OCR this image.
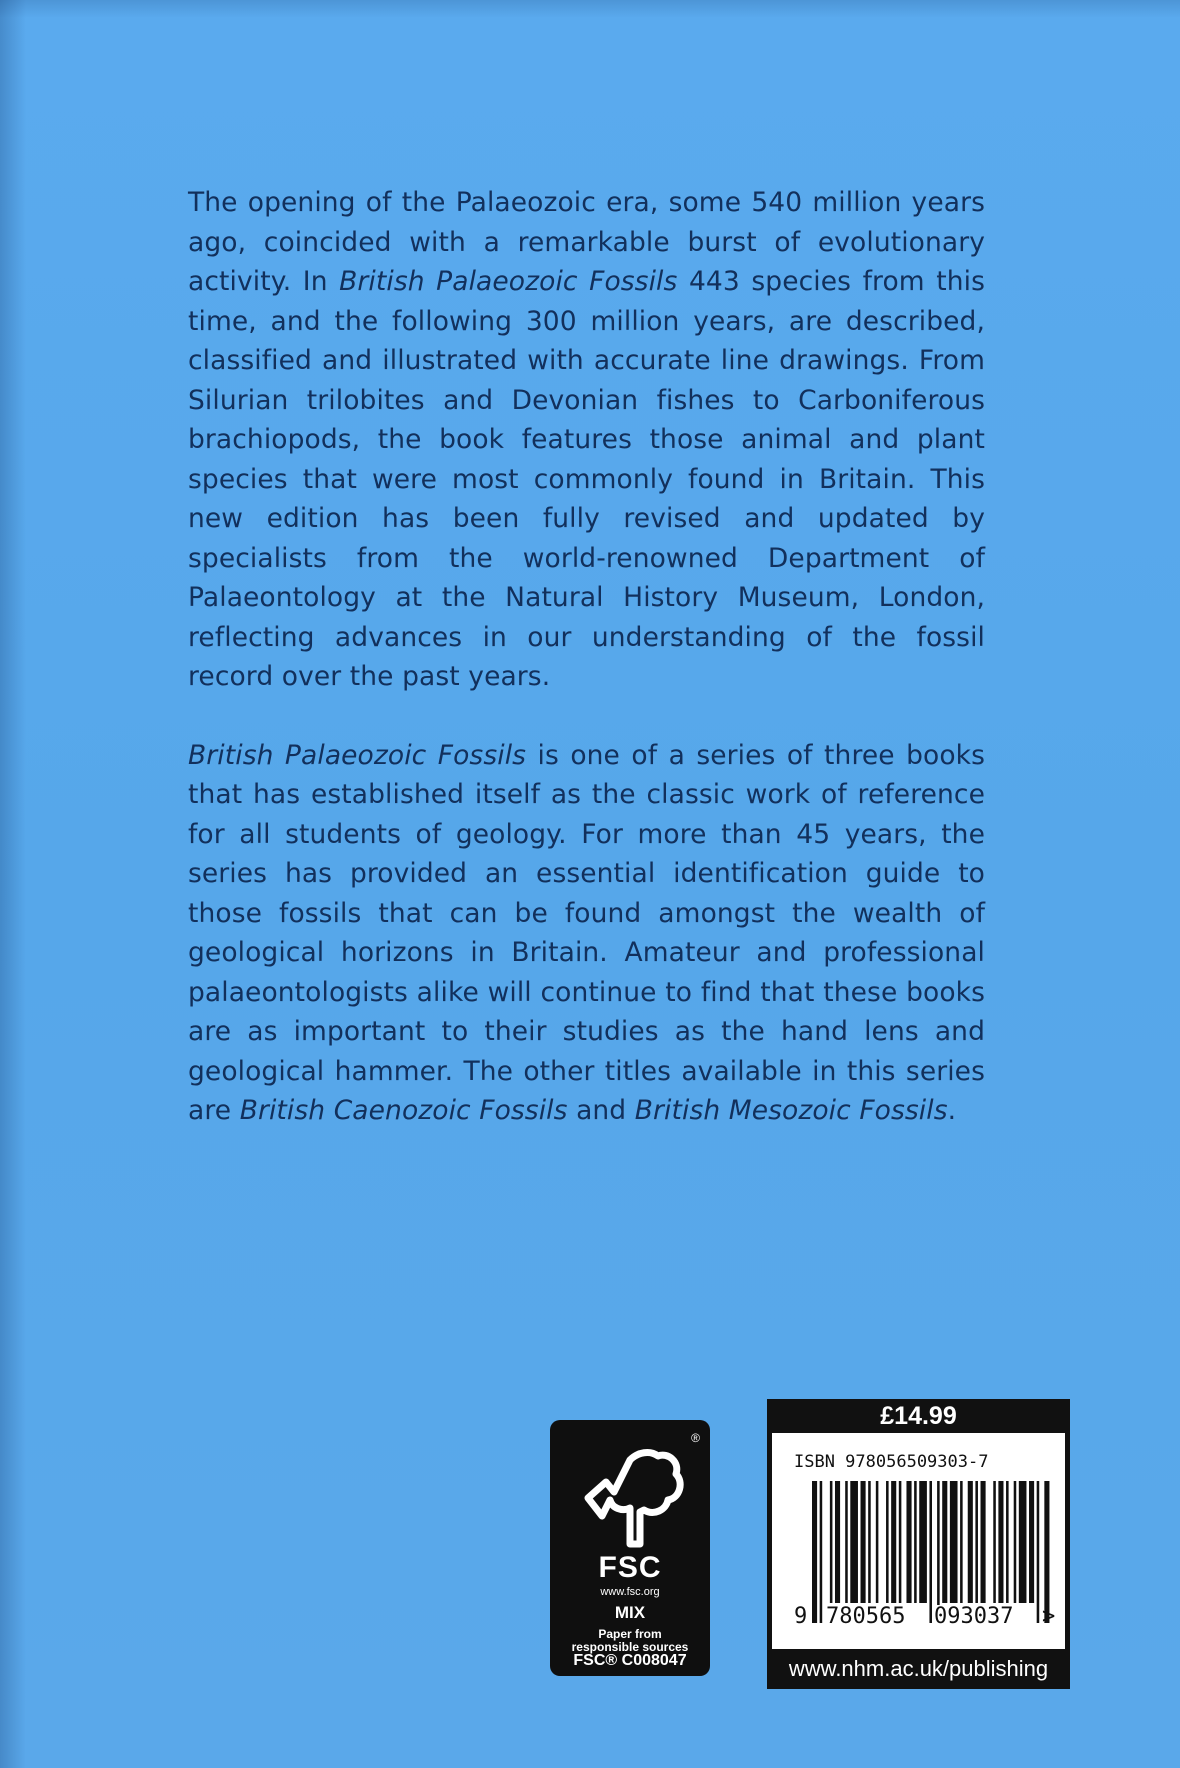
The opening of the Palaeozoic era, some 540 million years ago, coincided with a remarkable burst of evolutionary activity. In British Palaeozoic Fossils 443 species from this time, and the following 300 million years, are described, classified and illustrated with accurate line drawings. From Silurian trilobites and Devonian fishes to Carboniferous brachiopods, the book features those animal and plant species that were most commonly found in Britain. This new edition has been fully revised and updated by specialists from the world-renowned Department of Palaeontology at the Natural History Museum, London, reflecting advances in our understanding of the fossil record over the past years.

British Palaeozoic Fossils is one of a series of three books that has established itself as the classic work of reference for all students of geology. For more than 45 years, the series has provided an essential identification guide to those fossils that can be found amongst the wealth of geological horizons in Britain. Amateur and professional palaeontologists alike will continue to find that these books are as important to their studies as the hand lens and geological hammer. The other titles available in this series are British Caenozoic Fossils and British Mesozoic Fossils.

®
FSC
www.fsc.org
MIX
Paper from
responsible sources
FSC® C008047
£14.99
ISBN 978056509303-7
9 780565 093037 >
www.nhm.ac.uk/publishing
